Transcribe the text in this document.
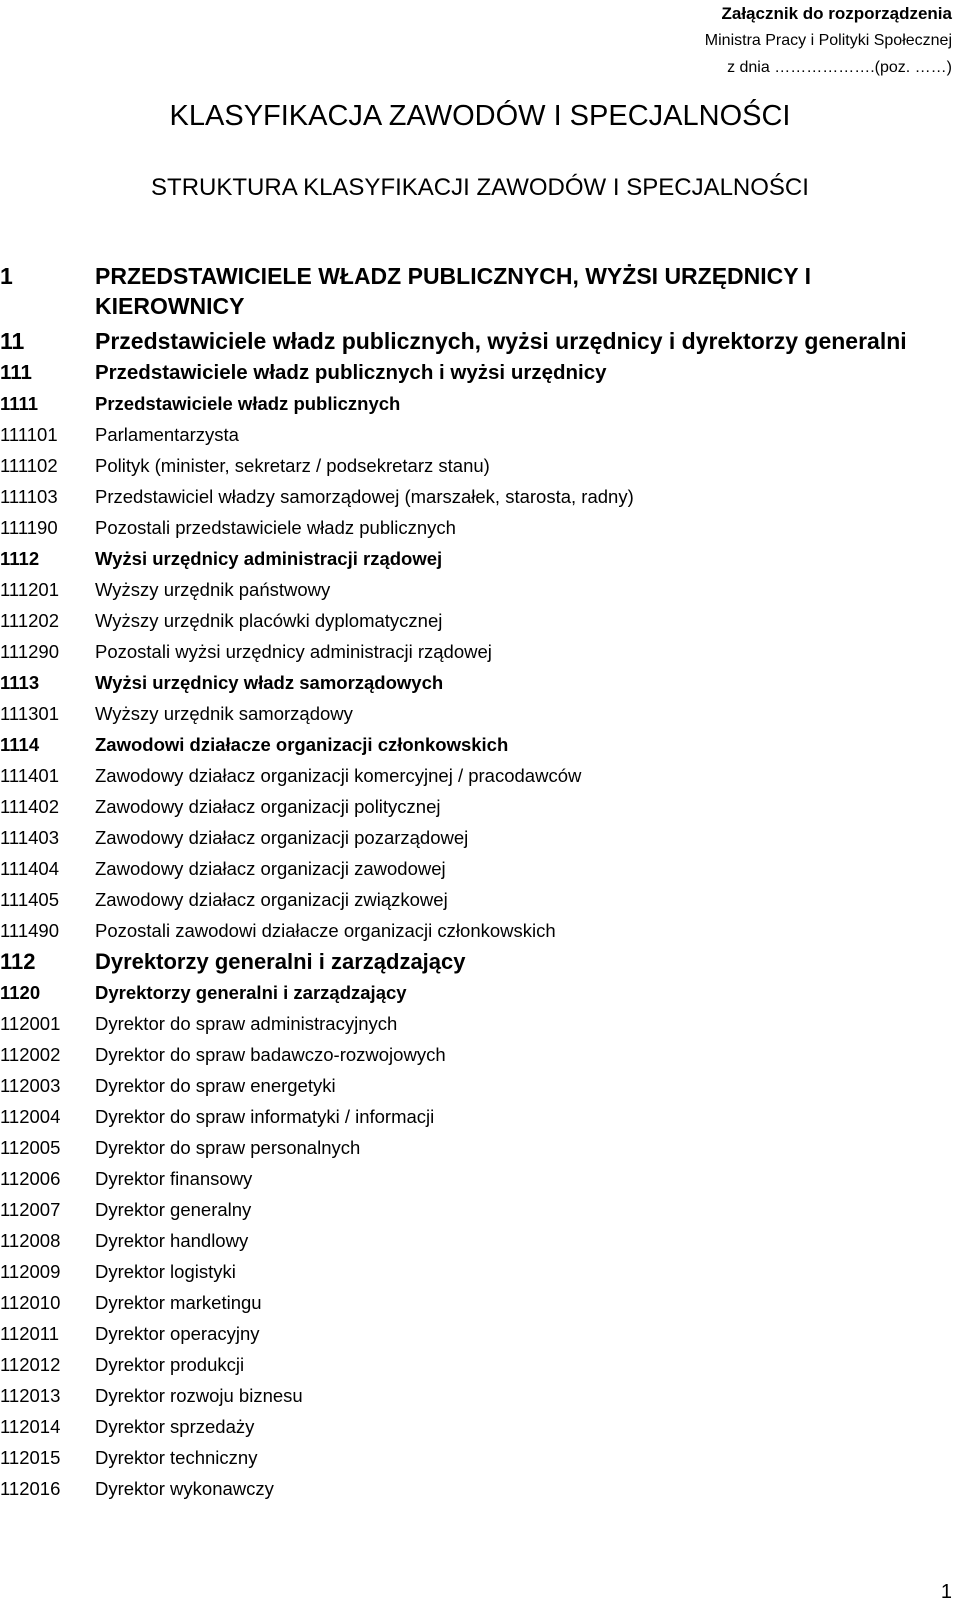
Załącznik do rozporządzenia
Ministra Pracy i Polityki Społecznej
z dnia ……………….(poz. ……)
KLASYFIKACJA ZAWODÓW I SPECJALNOŚCI
STRUKTURA KLASYFIKACJI ZAWODÓW I SPECJALNOŚCI
1	PRZEDSTAWICIELE WŁADZ PUBLICZNYCH, WYŻSI URZĘDNICY I KIEROWNICY
11	Przedstawiciele władz publicznych, wyżsi urzędnicy i dyrektorzy generalni
111	Przedstawiciele władz publicznych i wyżsi urzędnicy
1111	Przedstawiciele władz publicznych
111101	Parlamentarzysta
111102	Polityk (minister, sekretarz / podsekretarz stanu)
111103	Przedstawiciel władzy samorządowej (marszałek, starosta, radny)
111190	Pozostali przedstawiciele władz publicznych
1112	Wyżsi urzędnicy administracji rządowej
111201	Wyższy urzędnik państwowy
111202	Wyższy urzędnik placówki dyplomatycznej
111290	Pozostali wyżsi urzędnicy administracji rządowej
1113	Wyżsi urzędnicy władz samorządowych
111301	Wyższy urzędnik samorządowy
1114	Zawodowi działacze organizacji członkowskich
111401	Zawodowy działacz organizacji komercyjnej / pracodawców
111402	Zawodowy działacz organizacji politycznej
111403	Zawodowy działacz organizacji pozarządowej
111404	Zawodowy działacz organizacji zawodowej
111405	Zawodowy działacz organizacji związkowej
111490	Pozostali zawodowi działacze organizacji członkowskich
112	Dyrektorzy generalni i zarządzający
1120	Dyrektorzy generalni i zarządzający
112001	Dyrektor do spraw administracyjnych
112002	Dyrektor do spraw badawczo-rozwojowych
112003	Dyrektor do spraw energetyki
112004	Dyrektor do spraw informatyki / informacji
112005	Dyrektor do spraw personalnych
112006	Dyrektor finansowy
112007	Dyrektor generalny
112008	Dyrektor handlowy
112009	Dyrektor logistyki
112010	Dyrektor marketingu
112011	Dyrektor operacyjny
112012	Dyrektor produkcji
112013	Dyrektor rozwoju biznesu
112014	Dyrektor sprzedaży
112015	Dyrektor techniczny
112016	Dyrektor wykonawczy
1
